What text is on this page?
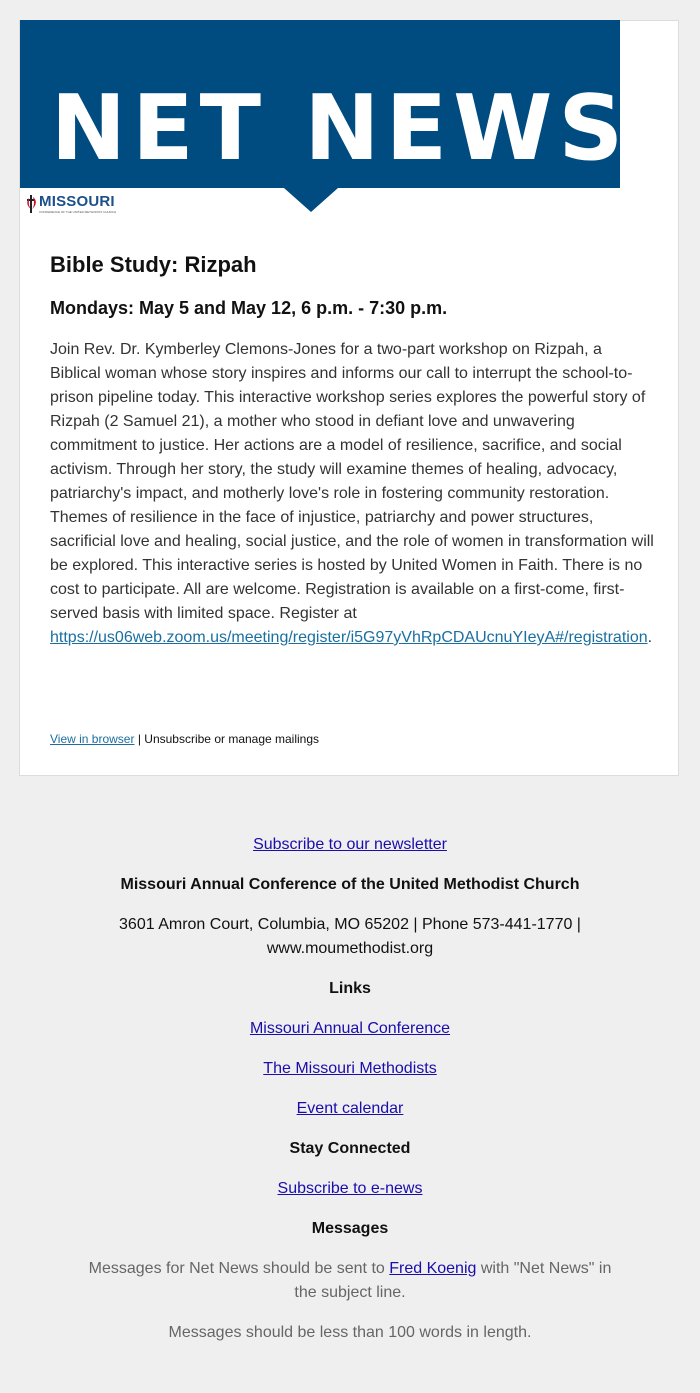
NET NEWS
MISSOURI
CONFERENCE OF THE UNITED METHODIST CHURCH
Bible Study: Rizpah
Mondays: May 5 and May 12, 6 p.m. - 7:30 p.m.

Join Rev. Dr. Kymberley Clemons-Jones for a two-part workshop on Rizpah, a Biblical woman whose story inspires and informs our call to interrupt the school-to-prison pipeline today. This interactive workshop series explores the powerful story of Rizpah (2 Samuel 21), a mother who stood in defiant love and unwavering commitment to justice. Her actions are a model of resilience, sacrifice, and social activism. Through her story, the study will examine themes of healing, advocacy, patriarchy's impact, and motherly love's role in fostering community restoration. Themes of resilience in the face of injustice, patriarchy and power structures, sacrificial love and healing, social justice, and the role of women in transformation will be explored. This interactive series is hosted by United Women in Faith. There is no cost to participate. All are welcome. Registration is available on a first-come, first-served basis with limited space. Register at https://us06web.zoom.us/meeting/register/i5G97yVhRpCDAUcnuYIeyA#/registration.

View in browser | Unsubscribe or manage mailings
Subscribe to our newsletter
Missouri Annual Conference of the United Methodist Church
3601 Amron Court, Columbia, MO 65202 | Phone 573-441-1770 |
www.moumethodist.org
Links
Missouri Annual Conference
The Missouri Methodists
Event calendar
Stay Connected
Subscribe to e-news
Messages
Messages for Net News should be sent to Fred Koenig with "Net News" in the subject line.
Messages should be less than 100 words in length.
